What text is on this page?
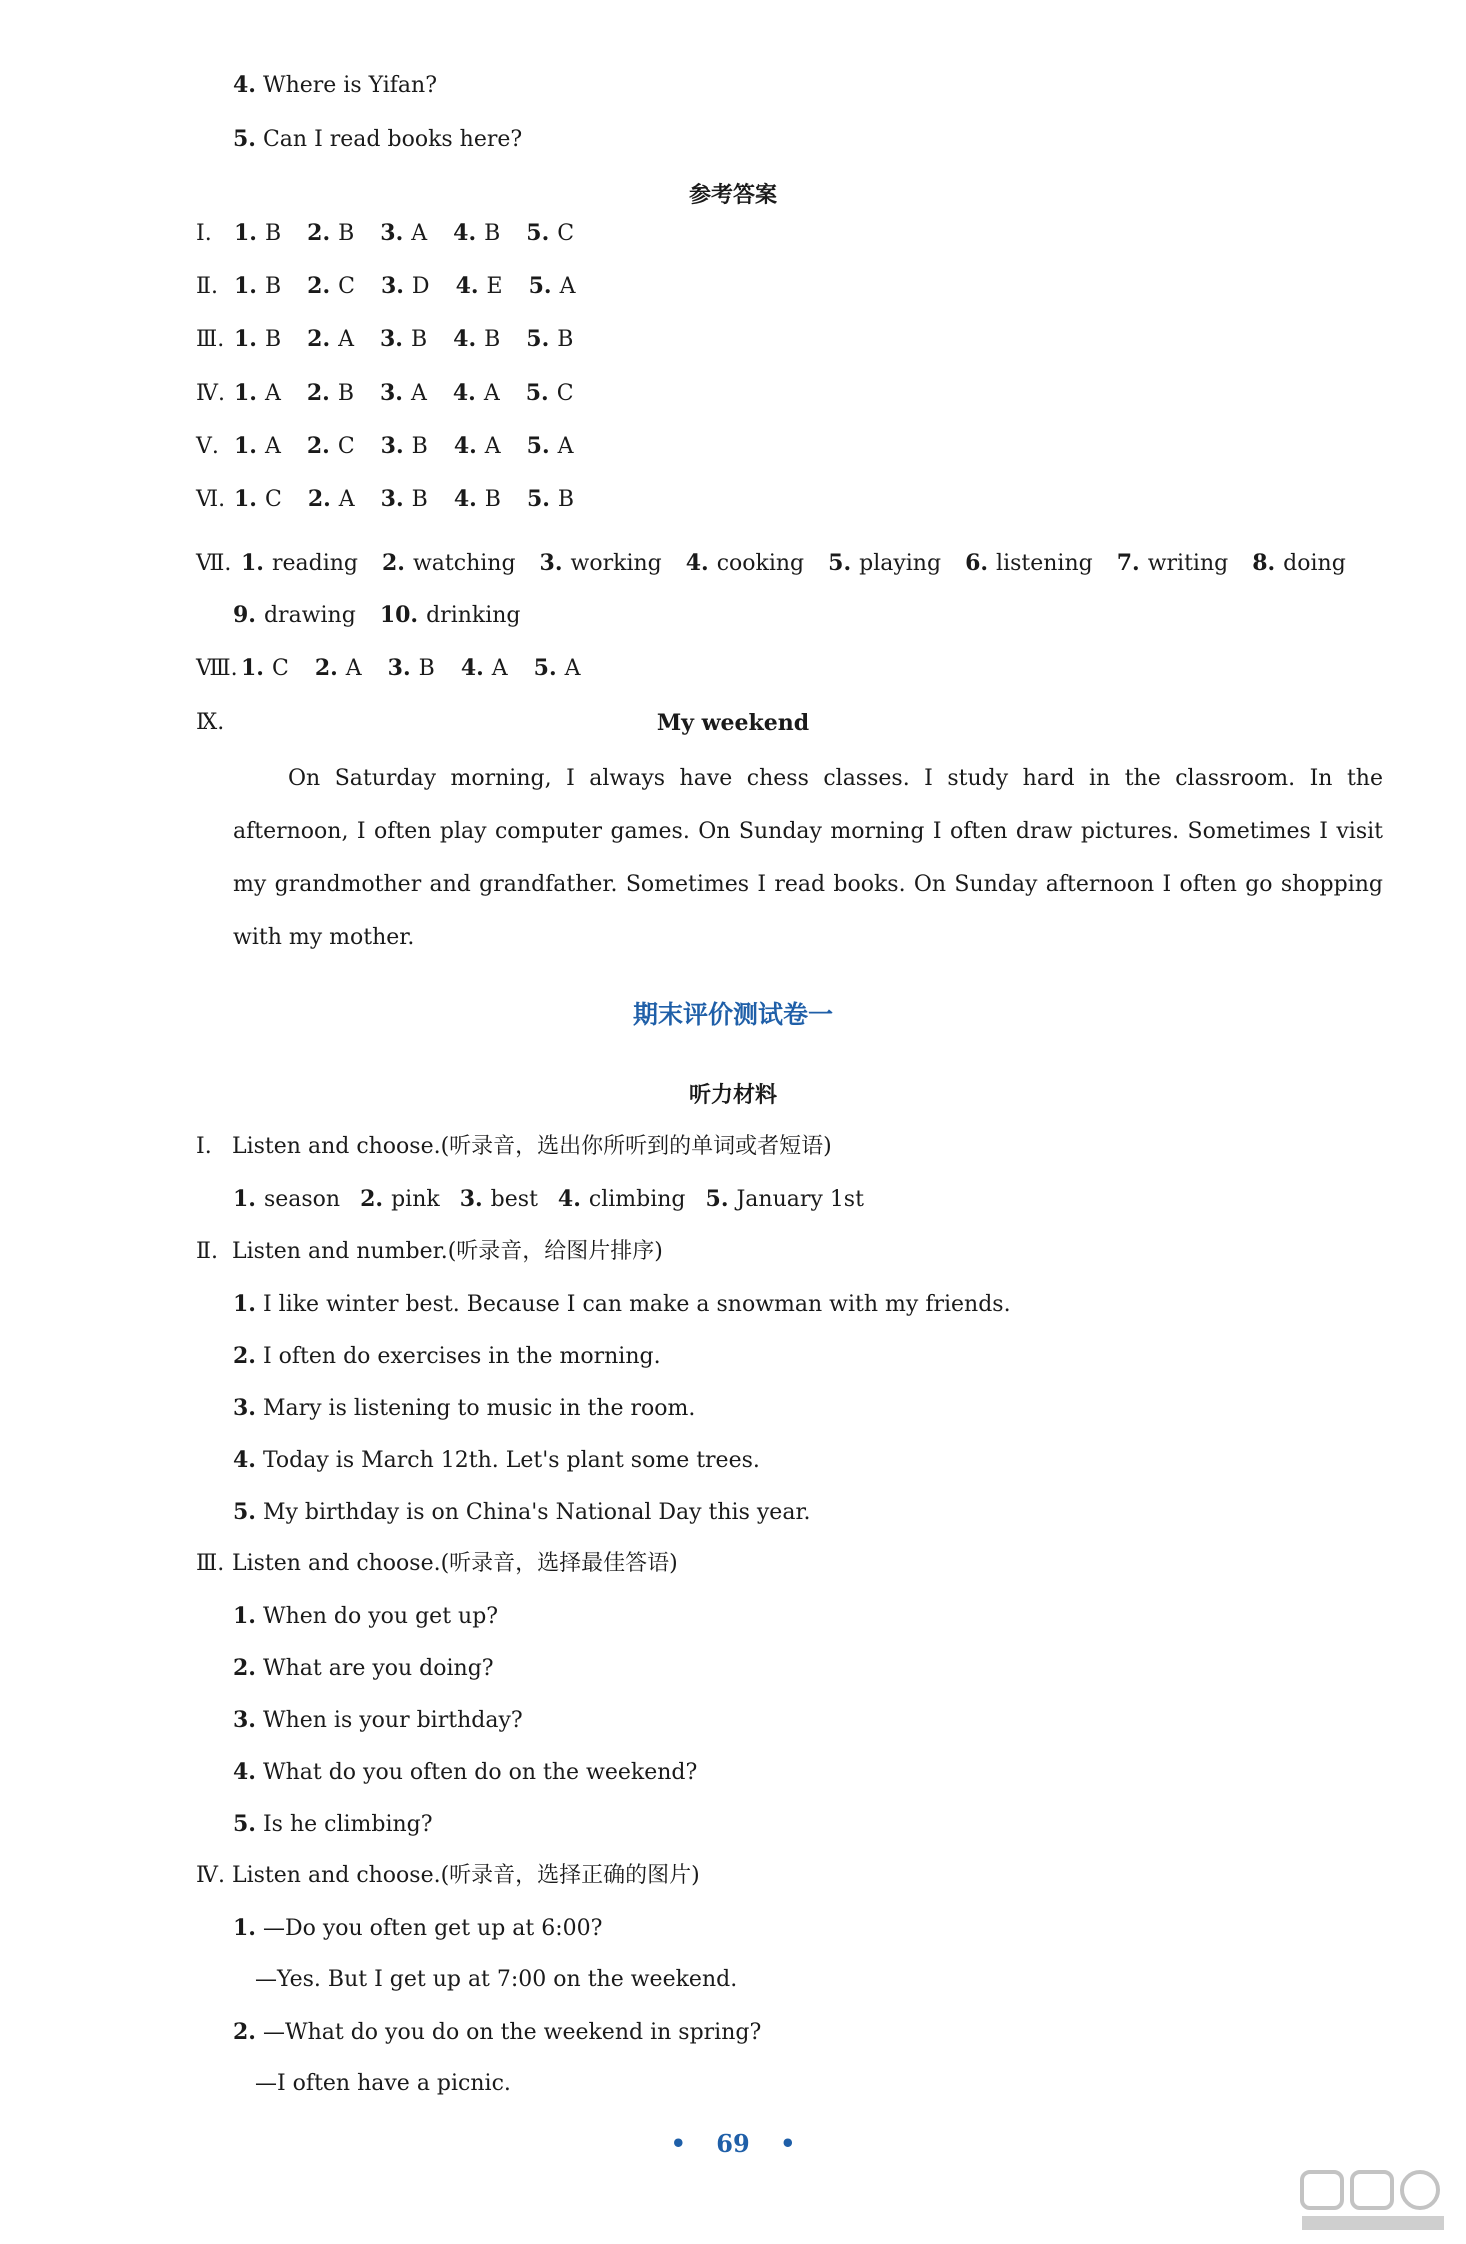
4. Where is Yifan?
5. Can I read books here?
参考答案
Ⅰ. 1. B 2. B 3. A 4. B 5. C
Ⅱ. 1. B 2. C 3. D 4. E 5. A
Ⅲ. 1. B 2. A 3. B 4. B 5. B
Ⅳ. 1. A 2. B 3. A 4. A 5. C
Ⅴ. 1. A 2. C 3. B 4. A 5. A
Ⅵ. 1. C 2. A 3. B 4. B 5. B
Ⅶ. 1. reading 2. watching 3. working 4. cooking 5. playing 6. listening 7. writing 8. doing
9. drawing 10. drinking
Ⅷ. 1. C 2. A 3. B 4. A 5. A
Ⅸ.	My weekend
On Saturday morning, I always have chess classes. I study hard in the classroom. In the afternoon, I often play computer games. On Sunday morning I often draw pictures. Sometimes I visit my grandmother and grandfather. Sometimes I read books. On Sunday afternoon I often go shopping with my mother.
期末评价测试卷一
听力材料
Ⅰ. Listen and choose.(听录音，选出你所听到的单词或者短语)
1. season 2. pink 3. best 4. climbing 5. January 1st
Ⅱ. Listen and number.(听录音，给图片排序)
1. I like winter best. Because I can make a snowman with my friends.
2. I often do exercises in the morning.
3. Mary is listening to music in the room.
4. Today is March 12th. Let's plant some trees.
5. My birthday is on China's National Day this year.
Ⅲ. Listen and choose.(听录音，选择最佳答语)
1. When do you get up?
2. What are you doing?
3. When is your birthday?
4. What do you often do on the weekend?
5. Is he climbing?
Ⅳ. Listen and choose.(听录音，选择正确的图片)
1. —Do you often get up at 6:00?
—Yes. But I get up at 7:00 on the weekend.
2. —What do you do on the weekend in spring?
—I often have a picnic.
• 69 •
